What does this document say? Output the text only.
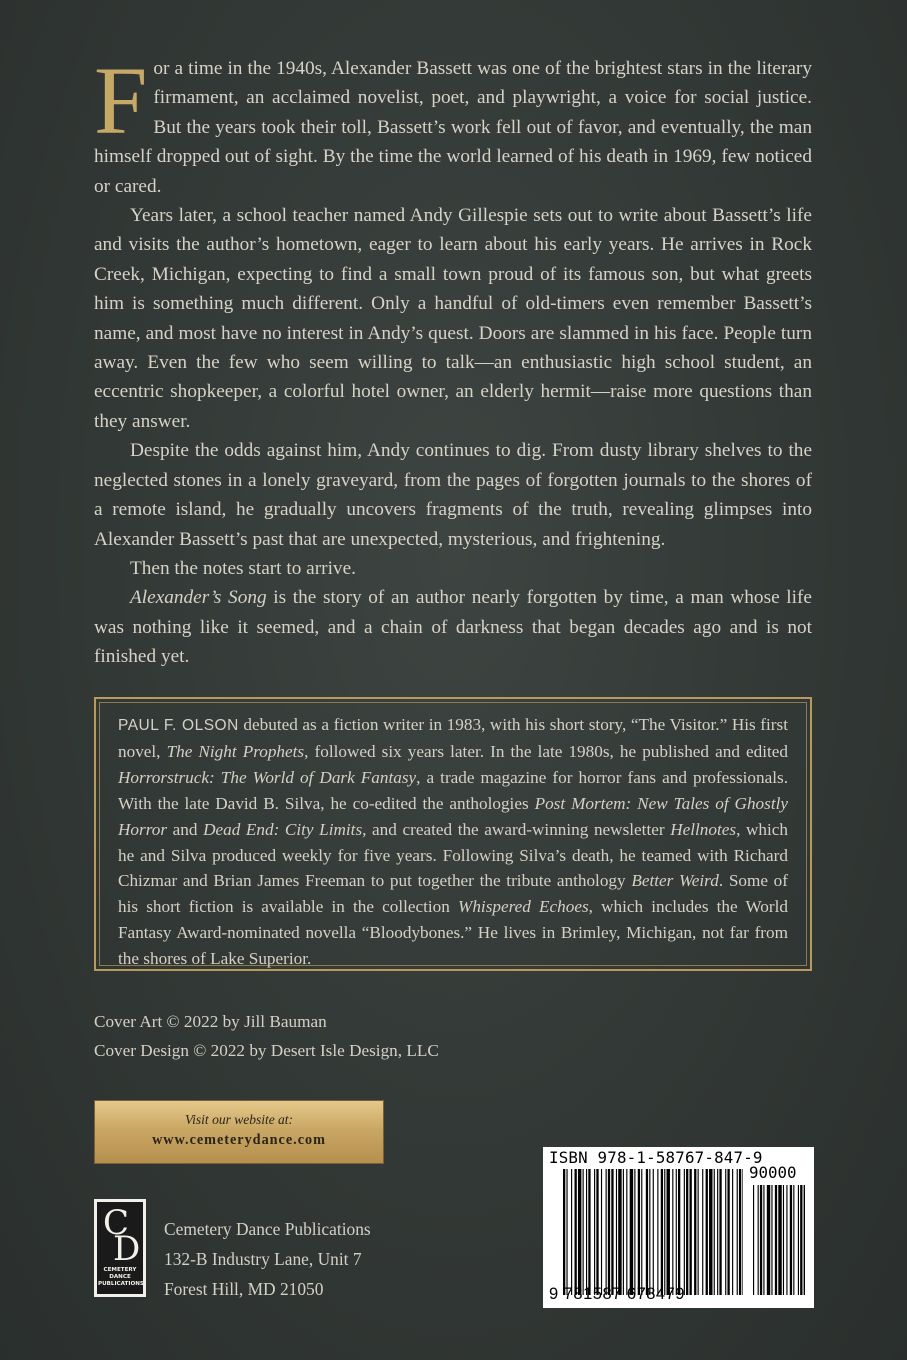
For a time in the 1940s, Alexander Bassett was one of the brightest stars in the literary firmament, an acclaimed novelist, poet, and playwright, a voice for social justice. But the years took their toll, Bassett’s work fell out of favor, and eventually, the man himself dropped out of sight. By the time the world learned of his death in 1969, few noticed or cared.

Years later, a school teacher named Andy Gillespie sets out to write about Bassett’s life and visits the author’s hometown, eager to learn about his early years. He arrives in Rock Creek, Michigan, expecting to find a small town proud of its famous son, but what greets him is something much different. Only a handful of old-timers even remember Bassett’s name, and most have no interest in Andy’s quest. Doors are slammed in his face. People turn away. Even the few who seem willing to talk—an enthusiastic high school student, an eccentric shopkeeper, a colorful hotel owner, an elderly hermit—raise more questions than they answer.

Despite the odds against him, Andy continues to dig. From dusty library shelves to the neglected stones in a lonely graveyard, from the pages of forgotten journals to the shores of a remote island, he gradually uncovers fragments of the truth, revealing glimpses into Alexander Bassett’s past that are unexpected, mysterious, and frightening.

Then the notes start to arrive.

Alexander’s Song is the story of an author nearly forgotten by time, a man whose life was nothing like it seemed, and a chain of darkness that began decades ago and is not finished yet.

PAUL F. OLSON debuted as a fiction writer in 1983, with his short story, “The Visitor.” His first novel, The Night Prophets, followed six years later. In the late 1980s, he published and edited Horrorstruck: The World of Dark Fantasy, a trade magazine for horror fans and professionals. With the late David B. Silva, he co-edited the anthologies Post Mortem: New Tales of Ghostly Horror and Dead End: City Limits, and created the award-winning newsletter Hellnotes, which he and Silva produced weekly for five years. Following Silva’s death, he teamed with Richard Chizmar and Brian James Freeman to put together the tribute anthology Better Weird. Some of his short fiction is available in the collection Whispered Echoes, which includes the World Fantasy Award-nominated novella “Bloodybones.” He lives in Brimley, Michigan, not far from the shores of Lake Superior.
Cover Art © 2022 by Jill Bauman
Cover Design © 2022 by Desert Isle Design, LLC
Visit our website at:
www.cemeterydance.com
C
D
CEMETERY
DANCE
PUBLICATIONS
Cemetery Dance Publications
132-B Industry Lane, Unit 7
Forest Hill, MD 21050
ISBN 978-1-58767-847-9
90000
9 781587 678479
